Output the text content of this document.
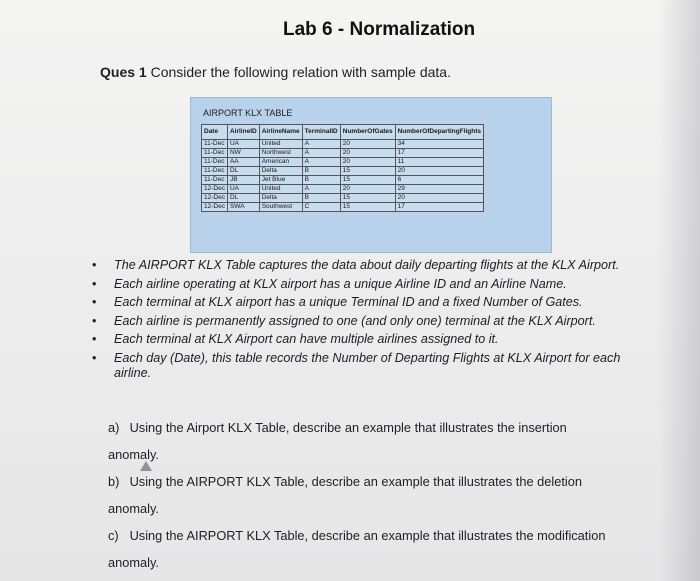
Lab 6 - Normalization
Ques 1 Consider the following relation with sample data.
AIRPORT KLX TABLE
Date	AirlineID	AirlineName	TerminalID	NumberOfGates	NumberOfDepartingFlights
11-Dec	UA	United	A	20	34
11-Dec	NW	Northwest	A	20	17
11-Dec	AA	American	A	20	11
11-Dec	DL	Delta	B	15	20
11-Dec	JB	Jet Blue	B	15	6
12-Dec	UA	United	A	20	29
12-Dec	DL	Delta	B	15	20
12-Dec	SWA	Southwest	C	15	17
• The AIRPORT KLX Table captures the data about daily departing flights at the KLX Airport.
• Each airline operating at KLX airport has a unique Airline ID and an Airline Name.
• Each terminal at KLX airport has a unique Terminal ID and a fixed Number of Gates.
• Each airline is permanently assigned to one (and only one) terminal at the KLX Airport.
• Each terminal at KLX Airport can have multiple airlines assigned to it.
• Each day (Date), this table records the Number of Departing Flights at KLX Airport for each airline.
a) Using the Airport KLX Table, describe an example that illustrates the insertion anomaly.
b) Using the AIRPORT KLX Table, describe an example that illustrates the deletion anomaly.
c) Using the AIRPORT KLX Table, describe an example that illustrates the modification anomaly.
